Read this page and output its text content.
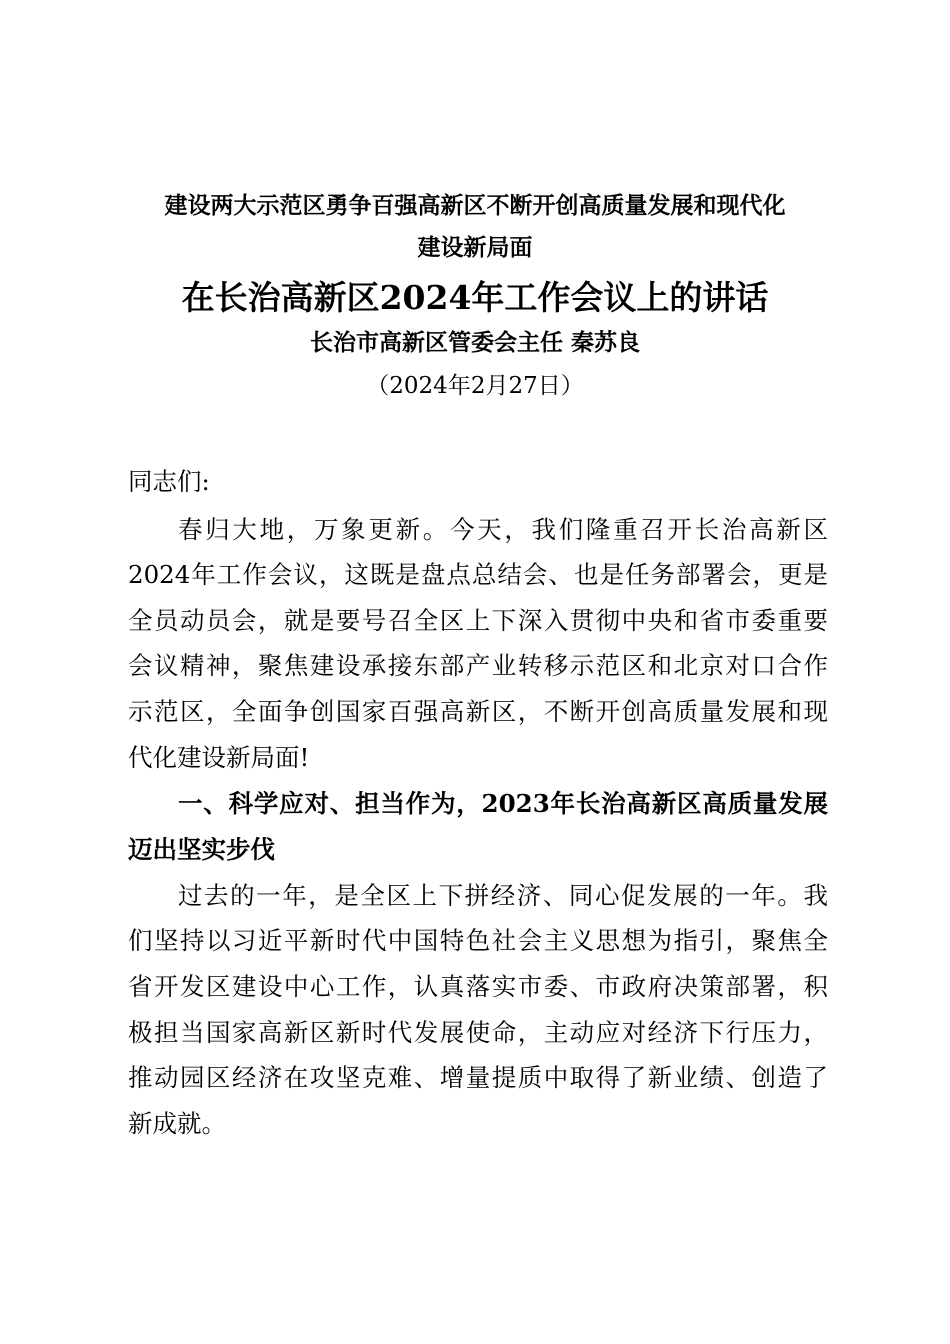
建设两大示范区勇争百强高新区不断开创高质量发展和现代化

建设新局面

在长治高新区2024年工作会议上的讲话

长治市高新区管委会主任 秦苏良

（2024年2月27日）

同志们:

春归大地，万象更新。今天，我们隆重召开长治高新区

2024年工作会议，这既是盘点总结会、也是任务部署会，更是

全员动员会，就是要号召全区上下深入贯彻中央和省市委重要

会议精神，聚焦建设承接东部产业转移示范区和北京对口合作

示范区，全面争创国家百强高新区，不断开创高质量发展和现

代化建设新局面!

一、科学应对、担当作为，2023年长治高新区高质量发展

迈出坚实步伐

过去的一年，是全区上下拼经济、同心促发展的一年。我

们坚持以习近平新时代中国特色社会主义思想为指引，聚焦全

省开发区建设中心工作，认真落实市委、市政府决策部署，积

极担当国家高新区新时代发展使命，主动应对经济下行压力，

推动园区经济在攻坚克难、增量提质中取得了新业绩、创造了

新成就。
